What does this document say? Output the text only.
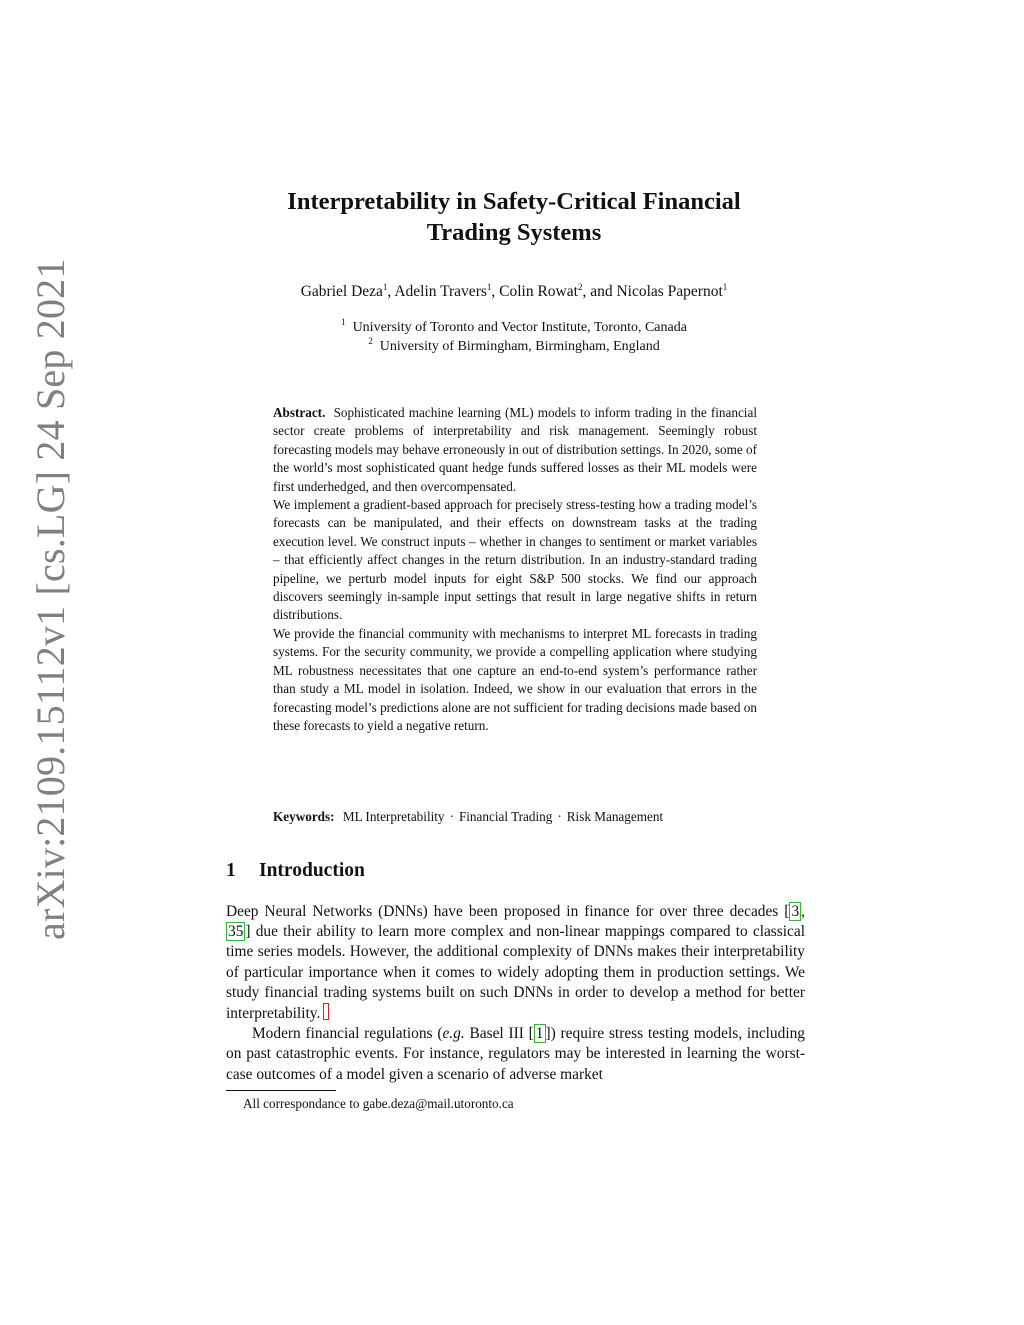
arXiv:2109.15112v1 [cs.LG] 24 Sep 2021
Interpretability in Safety-Critical Financial
Trading Systems
Gabriel Deza$^1$, Adelin Travers$^1$, Colin Rowat$^2$, and Nicolas Papernot$^1$
$^1$ University of Toronto and Vector Institute, Toronto, Canada
$^2$ University of Birmingham, Birmingham, England

Abstract. Sophisticated machine learning (ML) models to inform trading in the financial sector create problems of interpretability and risk management. Seemingly robust forecasting models may behave erroneously in out of distribution settings. In 2020, some of the world’s most sophisticated quant hedge funds suffered losses as their ML models were first underhedged, and then overcompensated.

We implement a gradient-based approach for precisely stress-testing how a trading model’s forecasts can be manipulated, and their effects on downstream tasks at the trading execution level. We construct inputs – whether in changes to sentiment or market variables – that efficiently affect changes in the return distribution. In an industry-standard trading pipeline, we perturb model inputs for eight S&P 500 stocks. We find our approach discovers seemingly in-sample input settings that result in large negative shifts in return distributions.

We provide the financial community with mechanisms to interpret ML forecasts in trading systems. For the security community, we provide a compelling application where studying ML robustness necessitates that one capture an end-to-end system’s performance rather than study a ML model in isolation. Indeed, we show in our evaluation that errors in the forecasting model’s predictions alone are not sufficient for trading decisions made based on these forecasts to yield a negative return.

Keywords: ML Interpretability · Financial Trading · Risk Management
1 Introduction

Deep Neural Networks (DNNs) have been proposed in finance for over three decades [ 3 , 35 ] due their ability to learn more complex and non-linear mappings compared to classical time series models. However, the additional complexity of DNNs makes their interpretability of particular importance when it comes to widely adopting them in production settings. We study financial trading systems built on such DNNs in order to develop a method for better interpretability.

Modern financial regulations (e.g. Basel III [ 1 ]) require stress testing models, including on past catastrophic events. For instance, regulators may be interested in learning the worst-case outcomes of a model given a scenario of adverse market

All correspondance to gabe.deza@mail.utoronto.ca
